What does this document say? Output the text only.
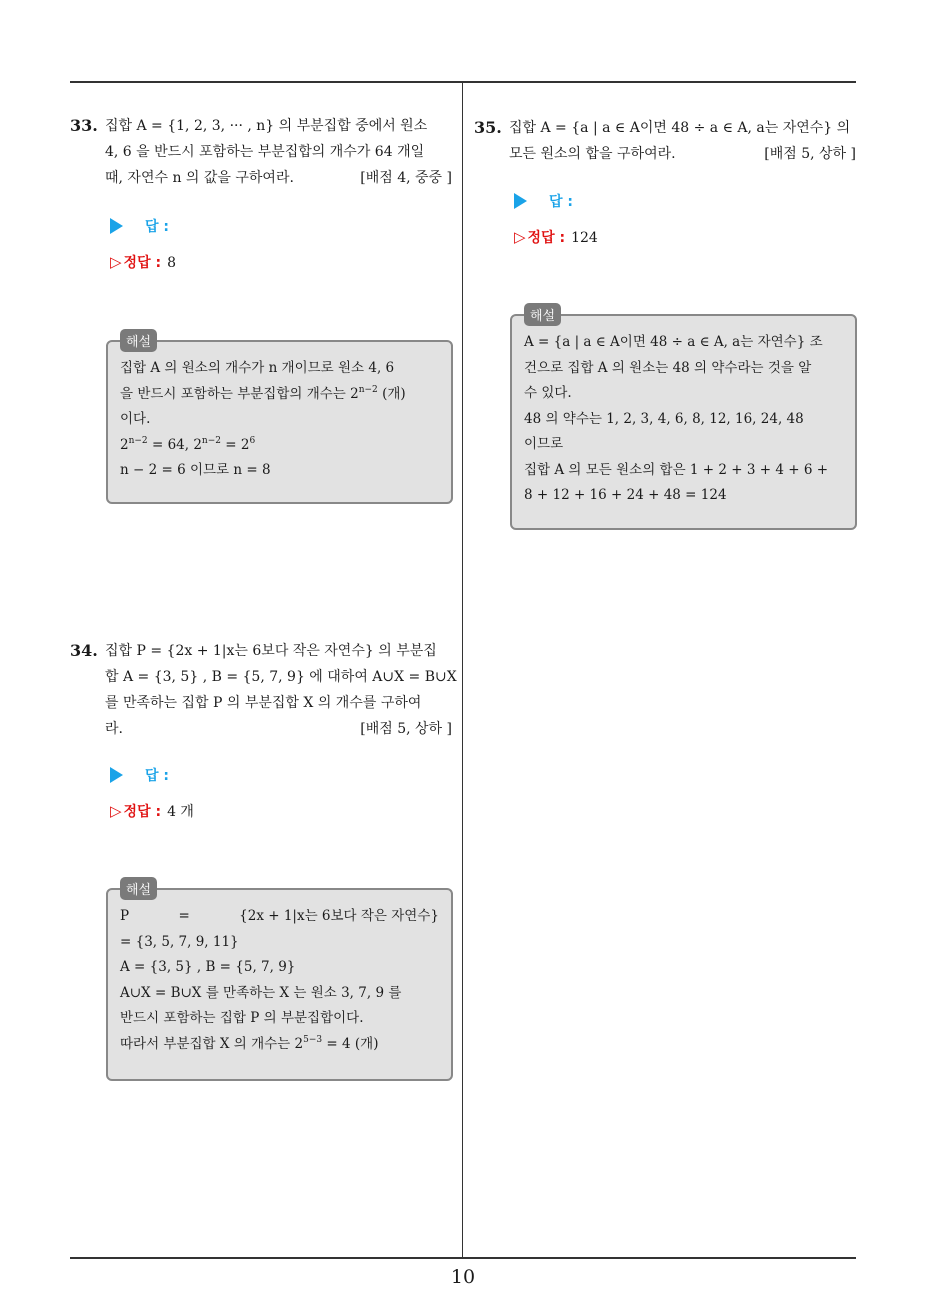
33. 집합 A = {1, 2, 3, ··· , n} 의 부분집합 중에서 원소
4, 6 을 반드시 포함하는 부분집합의 개수가 64 개일
때, 자연수 n 의 값을 구하여라.	[배점 4, 중중 ]
답 :
▷ 정답 : 8
해설
집합 A 의 원소의 개수가 n 개이므로 원소 4, 6
을 반드시 포함하는 부분집합의 개수는 $2^{n-2}$ (개)
이다.
$2^{n-2} = 64$, $2^{n-2} = 2^6$
n − 2 = 6 이므로 n = 8
34. 집합 P = {2x + 1|x는 6보다 작은 자연수} 의 부분집
합 A = {3, 5} , B = {5, 7, 9} 에 대하여 A∪X = B∪X
를 만족하는 집합 P 의 부분집합 X 의 개수를 구하여
라.	[배점 5, 상하 ]
답 :
▷ 정답 : 4 개
해설
P	=	{2x + 1|x는 6보다 작은 자연수}
= {3, 5, 7, 9, 11}
A = {3, 5} , B = {5, 7, 9}
A∪X = B∪X 를 만족하는 X 는 원소 3, 7, 9 를
반드시 포함하는 집합 P 의 부분집합이다.
따라서 부분집합 X 의 개수는 $2^{5-3} = 4$ (개)
35. 집합 A = {a | a ∈ A이면 48 ÷ a ∈ A, a는 자연수} 의
모든 원소의 합을 구하여라.	[배점 5, 상하 ]
답 :
▷ 정답 : 124
해설
A = {a | a ∈ A이면 48 ÷ a ∈ A, a는 자연수} 조
건으로 집합 A 의 원소는 48 의 약수라는 것을 알
수 있다.
48 의 약수는 1, 2, 3, 4, 6, 8, 12, 16, 24, 48
이므로
집합 A 의 모든 원소의 합은 1 + 2 + 3 + 4 + 6 +
8 + 12 + 16 + 24 + 48 = 124
10
